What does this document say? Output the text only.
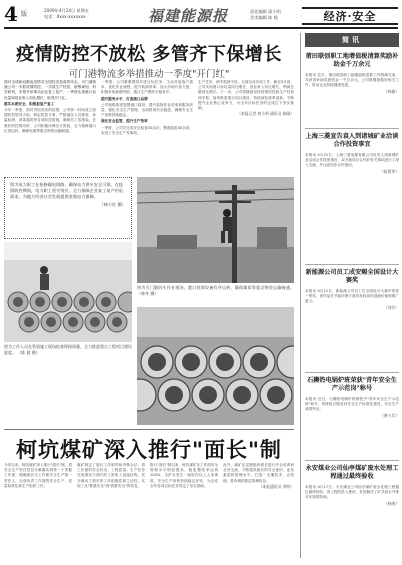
4 版
2009年4月24日 星期五
电话：0xxx-xxxxxxx	福建能源报	责任编辑 廖小明
美术编辑 陈 媛	经济·安全
疫情防控不放松 多管齐下保增长
可门港物流多举措推动一季度"开门红"
面对全球新冠肺炎疫情对全国经济造成的冲击，可门港物流公司一手抓疫情防控、一手抓生产经营，统筹谋划、科学研判，多措并举推动企业复工复产，一季度实现港口吞吐量和营业收入同比增长，取得开门红。
落实本质安全，积极抓复产复工
今年一季度，面对突如其来的疫情，公司第一时间成立疫情防控领导小组，制定防控方案，严格落实人员排查、体温检测、消毒通风等各项防控措施，确保员工零感染。在做好防控的同时，公司积极协调各方资源，全力保障港口正常运转，确保电煤等重点物资运输畅通。
一季度，公司紧紧围绕年度目标任务，主动对接客户需求，优化作业流程，提升装卸效率，加大市场开拓力度，积极争取新增货源，港口生产保持平稳有序。
提升服务水平，打造港口品牌
公司积极推进智慧港口建设，提升装卸作业效率和服务质量，强化安全生产管理，全面排查安全隐患，确保安全生产形势持续稳定。
强化安全监管，提升生产效率
一季度，公司共完成安全检查20余次，整改隐患30余项，实现了安全生产零事故。
生产任务，两手抓两不误，全面完成各项工作。截至3月底，公司实现港口吞吐量同比增长，营业收入同比增长，利润总额同比增长。下一步，公司将继续坚持疫情防控和生产经营两手抓，加快推进重点项目建设，持续深化改革创新，不断提升企业核心竞争力，为全年目标任务的完成打下坚实基础。
（本报记者 林小明 通讯员 陈刚）
图为电力职工在检修输电线路，确保电力供应安全可靠。在疫情防控期间，电力职工坚守岗位，全力保障企业复工复产用电需求，为地方经济社会发展提供坚强电力保障。
（林小红 摄）
图为可门港码头作业现场，港口装卸设备有序运转，确保煤炭等重点物资运输畅通。 （林冬 摄）
图为工作人员在管道施工现场检查焊接质量，全力推进重点工程项目建设进度。 （陈 晨 摄）
柯坑煤矿深入推行"面长"制
今年以来，柯坑煤矿深入推行"面长"制，将安全生产责任层层分解落实到每一个采掘工作面，明确面长为工作面安全生产第一责任人，全面负责工作面的安全生产、质量标准化和生产组织工作。
煤矿制定了面长工作职责和考核办法，将工作面的安全状况、工程质量、生产任务完成情况与面长的工资收入直接挂钩，充分调动了面长的工作积极性和主动性，实现了从"要我安全"到"我要安全"的转变。
推行"面长"制以来，柯坑煤矿各工作面安全管理水平明显提高，隐患整改率达到100%，全矿未发生一起轻伤以上人身事故，安全生产形势持续稳定好转，为完成全年各项目标任务奠定了坚实基础。
此外，煤矿还定期组织面长进行安全培训和业务交流，不断提高面长的安全意识、业务素质和管理水平，打造一支懂技术、会管理、善协调的基层管理队伍。
（本报通讯员 李明）
简讯
莆田联创职工地增值税清算奖励补助金千万余元
本报讯 近日，莆田联创职工地增值税清算工作圆满完成，共获得补助奖励资金一千万余元。公司将继续做好相关工作，推动企业持续健康发展。
（林雄）
上海三菱宣告袁人到诸城矿业洽谈合作投资事宜
本报讯 4月21日，上海三菱电梯有限公司负责人到诸城矿业洽谈合作投资事宜，双方就项目合作的有关事项进行了深入交流，并达成初步合作意向。
（陈建华）
新能源公司员工成安赐全国设计大赛奖
本报讯 4月21日，新能源公司员工在全国设计大赛中荣获一等奖，该作品在节能环保方面具有较高的创新价值和推广意义。
（刘芳）
石狮热电锅炉班荣获"青年安全生产示范岗"称号
本报讯 近日，石狮热电锅炉班被授予"青年安全生产示范岗"称号，该班组长期坚持安全生产标准化建设，安全生产成绩突出。
（黄小兵）
永安煤业公司仙亭煤矿废水处理工程通过最终验收
本报讯 4月17日，永安煤业公司仙亭煤矿废水处理工程通过最终验收，该工程的投入使用，有效解决了矿井废水外排对环境的影响。
（杨康）
